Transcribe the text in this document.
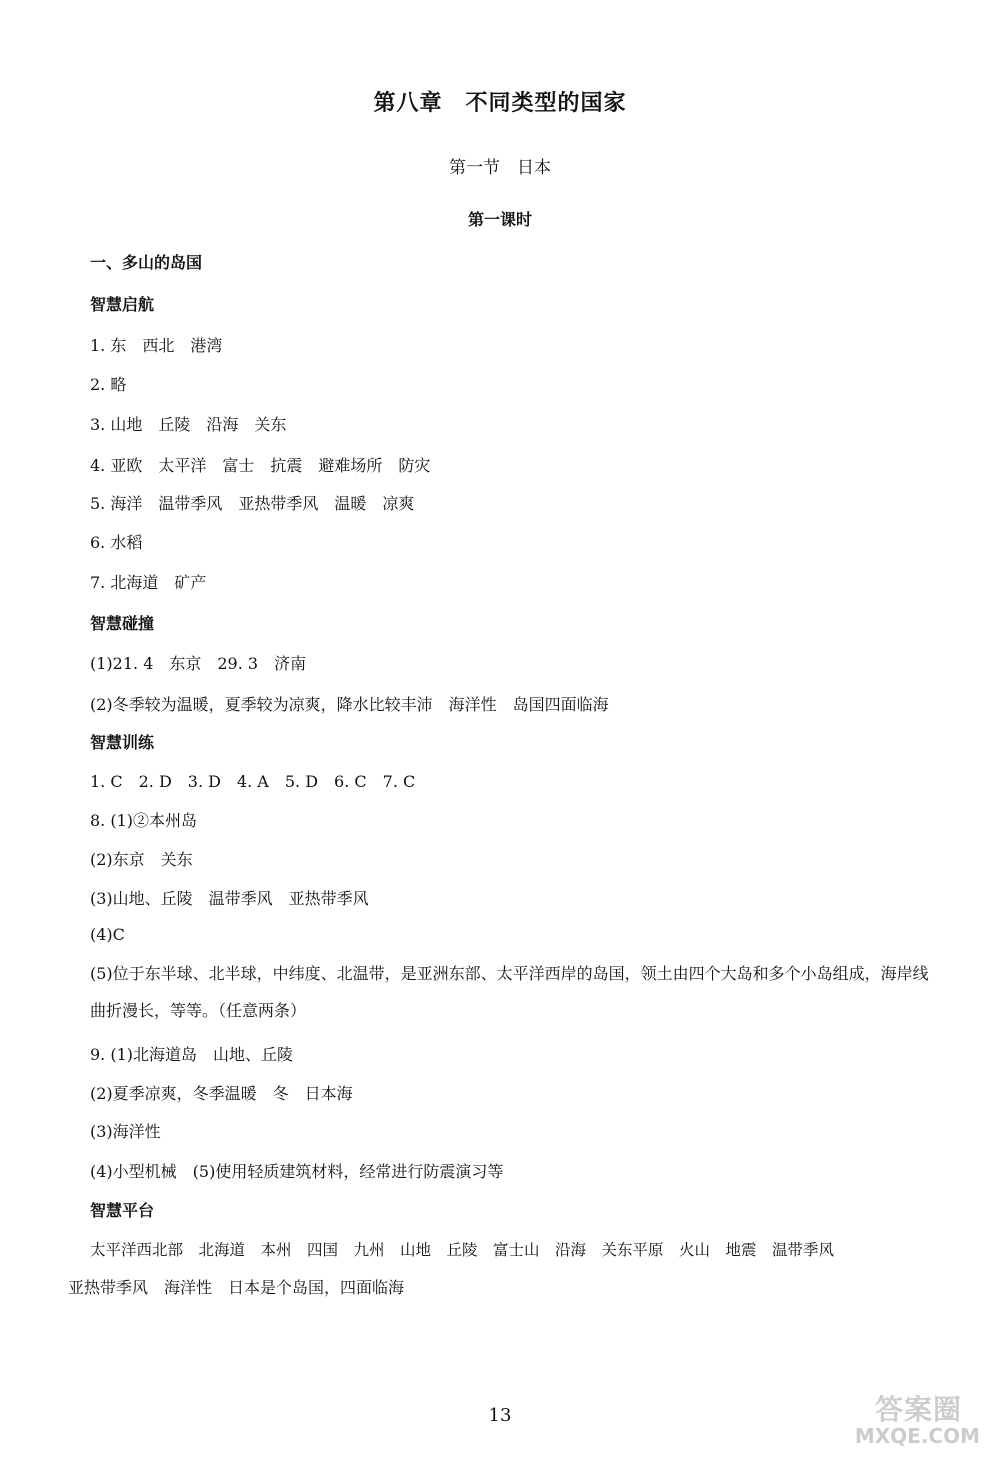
第八章　不同类型的国家
第一节　日本
第一课时
一、多山的岛国
智慧启航
1. 东　西北　港湾
2. 略
3. 山地　丘陵　沿海　关东
4. 亚欧　太平洋　富士　抗震　避难场所　防灾
5. 海洋　温带季风　亚热带季风　温暖　凉爽
6. 水稻
7. 北海道　矿产
智慧碰撞
(1)21. 4　东京　29. 3　济南
(2)冬季较为温暖，夏季较为凉爽，降水比较丰沛　海洋性　岛国四面临海
智慧训练
1. C　2. D　3. D　4. A　5. D　6. C　7. C
8. (1)②本州岛
(2)东京　关东
(3)山地、丘陵　温带季风　亚热带季风
(4)C
(5)位于东半球、北半球，中纬度、北温带，是亚洲东部、太平洋西岸的岛国，领土由四个大岛和多个小岛组成，海岸线曲折漫长，等等。（任意两条）
9. (1)北海道岛　山地、丘陵
(2)夏季凉爽，冬季温暖　冬　日本海
(3)海洋性
(4)小型机械　(5)使用轻质建筑材料，经常进行防震演习等
智慧平台
太平洋西北部　北海道　本州　四国　九州　山地　丘陵　富士山　沿海　关东平原　火山　地震　温带季风
亚热带季风　海洋性　日本是个岛国，四面临海
13	答案圈
MXQE.COM
